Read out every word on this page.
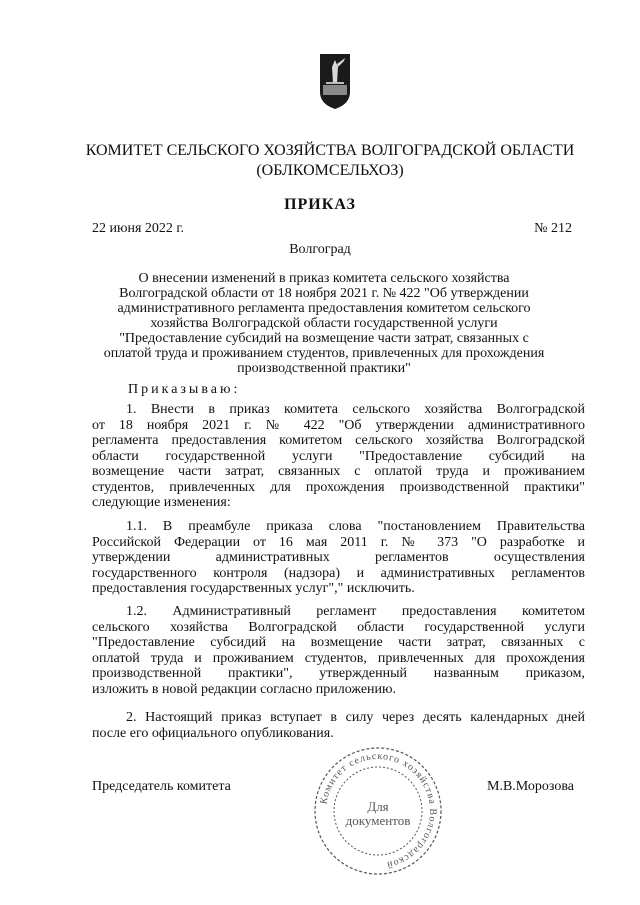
КОМИТЕТ СЕЛЬСКОГО ХОЗЯЙСТВА ВОЛГОГРАДСКОЙ ОБЛАСТИ
(ОБЛКОМСЕЛЬХОЗ)
ПРИКАЗ
22 июня 2022 г.	№ 212
Волгоград
О внесении изменений в приказ комитета сельского хозяйства
Волгоградской области от 18 ноября 2021 г. № 422 "Об утверждении
административного регламента предоставления комитетом сельского
хозяйства Волгоградской области государственной услуги
"Предоставление субсидий на возмещение части затрат, связанных с
оплатой труда и проживанием студентов, привлеченных для прохождения
производственной практики"
Приказываю:
1. Внести в приказ комитета сельского хозяйства Волгоградской
от 18 ноября 2021 г. № 422 "Об утверждении административного
регламента предоставления комитетом сельского хозяйства Волгоградской
области государственной услуги "Предоставление субсидий на
возмещение части затрат, связанных с оплатой труда и проживанием
студентов, привлеченных для прохождения производственной практики"
следующие изменения:
1.1. В преамбуле приказа слова "постановлением Правительства
Российской Федерации от 16 мая 2011 г. № 373 "О разработке и
утверждении административных регламентов осуществления
государственного контроля (надзора) и административных регламентов
предоставления государственных услуг"," исключить.
1.2. Административный регламент предоставления комитетом
сельского хозяйства Волгоградской области государственной услуги
"Предоставление субсидий на возмещение части затрат, связанных с
оплатой труда и проживанием студентов, привлеченных для прохождения
производственной практики", утвержденный названным приказом,
изложить в новой редакции согласно приложению.
2. Настоящий приказ вступает в силу через десять календарных дней
после его официального опубликования.
Председатель комитета	М.В.Морозова
Комитет сельского хозяйства Волгоградской
Для
документов
